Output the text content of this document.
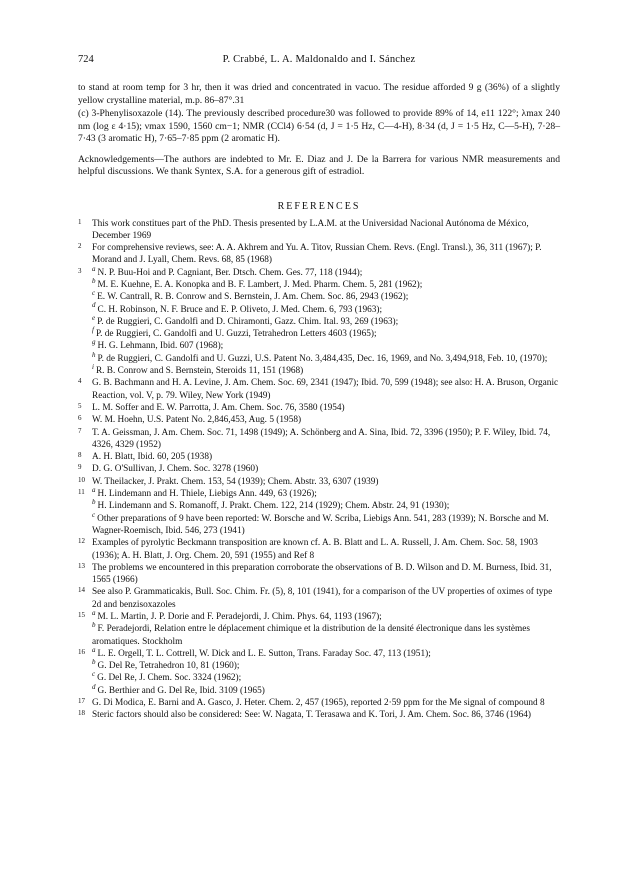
724	P. Crabbé, L. A. Maldonaldo and I. Sánchez

to stand at room temp for 3 hr, then it was dried and concentrated in vacuo. The residue afforded 9 g (36%) of a slightly yellow crystalline material, m.p. 86–87°.31

(c) 3-Phenylisoxazole (14). The previously described procedure30 was followed to provide 89% of 14, e11 122°; λmax 240 nm (log ε 4·15); νmax 1590, 1560 cm−1; NMR (CCl4) 6·54 (d, J = 1·5 Hz, C—4-H), 8·34 (d, J = 1·5 Hz, C—5-H), 7·28–7·43 (3 aromatic H), 7·65–7·85 ppm (2 aromatic H).

Acknowledgements—The authors are indebted to Mr. E. Diaz and J. De la Barrera for various NMR measurements and helpful discussions. We thank Syntex, S.A. for a generous gift of estradiol.

REFERENCES
1 This work constitues part of the PhD. Thesis presented by L.A.M. at the Universidad Nacional Autónoma de México, December 1969
2 For comprehensive reviews, see: A. A. Akhrem and Yu. A. Titov, Russian Chem. Revs. (Engl. Transl.), 36, 311 (1967); P. Morand and J. Lyall, Chem. Revs. 68, 85 (1968)
3 $^a$ N. P. Buu-Hoi and P. Cagniant, Ber. Dtsch. Chem. Ges. 77, 118 (1944);
$^b$ M. E. Kuehne, E. A. Konopka and B. F. Lambert, J. Med. Pharm. Chem. 5, 281 (1962);
$^c$ E. W. Cantrall, R. B. Conrow and S. Bernstein, J. Am. Chem. Soc. 86, 2943 (1962);
$^d$ C. H. Robinson, N. F. Bruce and E. P. Oliveto, J. Med. Chem. 6, 793 (1963);
$^e$ P. de Ruggieri, C. Gandolfi and D. Chiramonti, Gazz. Chim. Ital. 93, 269 (1963);
$^f$ P. de Ruggieri, C. Gandolfi and U. Guzzi, Tetrahedron Letters 4603 (1965);
$^g$ H. G. Lehmann, Ibid. 607 (1968);
$^h$ P. de Ruggieri, C. Gandolfi and U. Guzzi, U.S. Patent No. 3,484,435, Dec. 16, 1969, and No. 3,494,918, Feb. 10, (1970);
$^i$ R. B. Conrow and S. Bernstein, Steroids 11, 151 (1968)
4 G. B. Bachmann and H. A. Levine, J. Am. Chem. Soc. 69, 2341 (1947); Ibid. 70, 599 (1948); see also: H. A. Bruson, Organic Reaction, vol. V, p. 79. Wiley, New York (1949)
5 L. M. Soffer and E. W. Parrotta, J. Am. Chem. Soc. 76, 3580 (1954)
6 W. M. Hoehn, U.S. Patent No. 2,846,453, Aug. 5 (1958)
7 T. A. Geissman, J. Am. Chem. Soc. 71, 1498 (1949); A. Schönberg and A. Sina, Ibid. 72, 3396 (1950); P. F. Wiley, Ibid. 74, 4326, 4329 (1952)
8 A. H. Blatt, Ibid. 60, 205 (1938)
9 D. G. O'Sullivan, J. Chem. Soc. 3278 (1960)
10 W. Theilacker, J. Prakt. Chem. 153, 54 (1939); Chem. Abstr. 33, 6307 (1939)
11 $^a$ H. Lindemann and H. Thiele, Liebigs Ann. 449, 63 (1926);
$^b$ H. Lindemann and S. Romanoff, J. Prakt. Chem. 122, 214 (1929); Chem. Abstr. 24, 91 (1930);
$^c$ Other preparations of 9 have been reported: W. Borsche and W. Scriba, Liebigs Ann. 541, 283 (1939); N. Borsche and M. Wagner-Roemisch, Ibid. 546, 273 (1941)
12 Examples of pyrolytic Beckmann transposition are known cf. A. B. Blatt and L. A. Russell, J. Am. Chem. Soc. 58, 1903 (1936); A. H. Blatt, J. Org. Chem. 20, 591 (1955) and Ref 8
13 The problems we encountered in this preparation corroborate the observations of B. D. Wilson and D. M. Burness, Ibid. 31, 1565 (1966)
14 See also P. Grammaticakis, Bull. Soc. Chim. Fr. (5), 8, 101 (1941), for a comparison of the UV properties of oximes of type 2d and benzisoxazoles
15 $^a$ M. L. Martin, J. P. Dorie and F. Peradejordi, J. Chim. Phys. 64, 1193 (1967);
$^b$ F. Peradejordi, Relation entre le déplacement chimique et la distribution de la densité électronique dans les systèmes aromatiques. Stockholm
16 $^a$ L. E. Orgell, T. L. Cottrell, W. Dick and L. E. Sutton, Trans. Faraday Soc. 47, 113 (1951);
$^b$ G. Del Re, Tetrahedron 10, 81 (1960);
$^c$ G. Del Re, J. Chem. Soc. 3324 (1962);
$^d$ G. Berthier and G. Del Re, Ibid. 3109 (1965)
17 G. Di Modica, E. Barni and A. Gasco, J. Heter. Chem. 2, 457 (1965), reported 2·59 ppm for the Me signal of compound 8
18 Steric factors should also be considered: See: W. Nagata, T. Terasawa and K. Tori, J. Am. Chem. Soc. 86, 3746 (1964)
